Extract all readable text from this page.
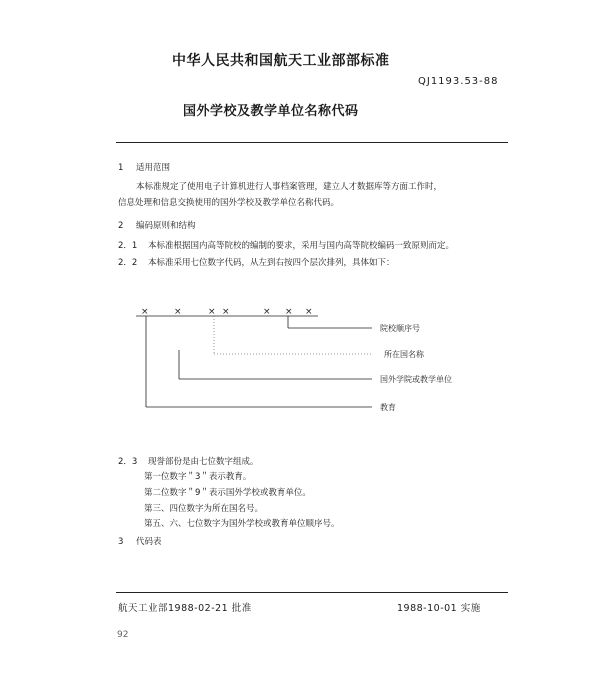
中华人民共和国航天工业部部标准
QJ1193.53-88
国外学校及教学单位名称代码
1 适用范围
本标准规定了使用电子计算机进行人事档案管理，建立人才数据库等方面工作时，
信息处理和信息交换使用的国外学校及教学单位名称代码。
2 编码原则和结构
2．1 本标准根据国内高等院校的编制的要求，采用与国内高等院校编码一致原则而定。
2．2 本标准采用七位数字代码，从左到右按四个层次排列，具体如下：
×	×	× ×	× × ×
院校顺序号
所在国名称
国外学院或教学单位
教育
2．3 现誉部份是由七位数字组成。
第一位数字＂3＂表示教育。
第二位数字＂9＂表示国外学校或教育单位。
第三、四位数字为所在国名号。
第五、六、七位数字为国外学校或教育单位顺序号。
3 代码表
航天工业部1988-02-21 批准	1988-10-01 实施
92
